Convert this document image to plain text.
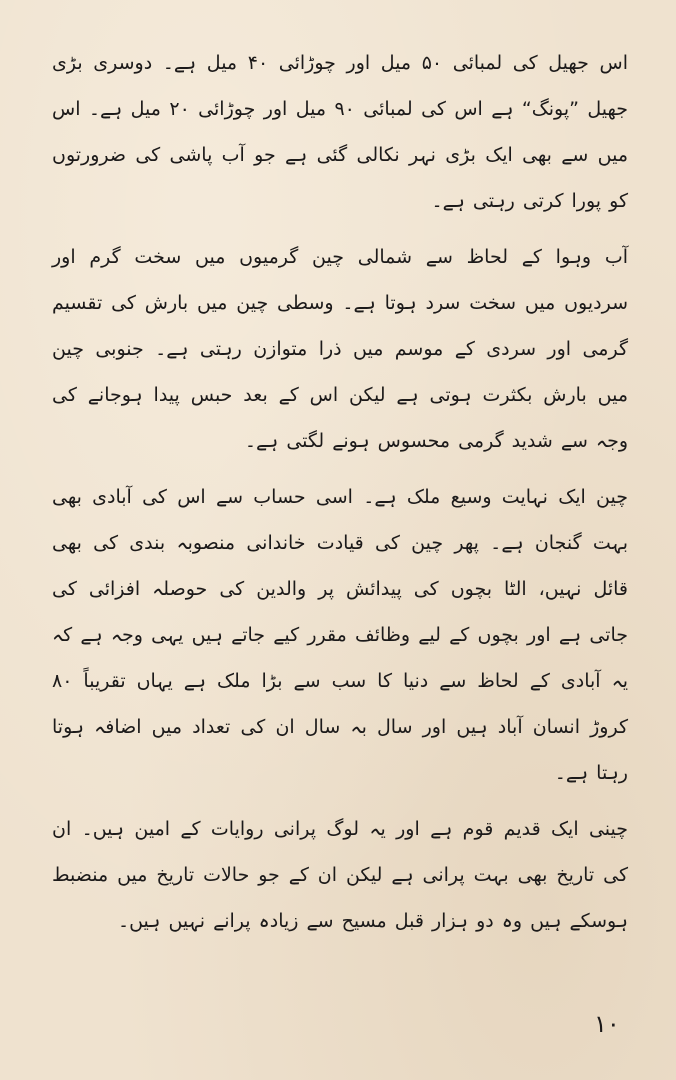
اس جھیل کی لمبائی ۵۰ میل اور چوڑائی ۴۰ میل ہے۔ دوسری بڑی جھیل ”پونگ“ ہے اس کی لمبائی ۹۰ میل اور چوڑائی ۲۰ میل ہے۔ اس میں سے بھی ایک بڑی نہر نکالی گئی ہے جو آب پاشی کی ضرورتوں کو پورا کرتی رہتی ہے۔

آب وہوا کے لحاظ سے شمالی چین گرمیوں میں سخت گرم اور سردیوں میں سخت سرد ہوتا ہے۔ وسطی چین میں بارش کی تقسیم گرمی اور سردی کے موسم میں ذرا متوازن رہتی ہے۔ جنوبی چین میں بارش بکثرت ہوتی ہے لیکن اس کے بعد حبس پیدا ہوجانے کی وجہ سے شدید گرمی محسوس ہونے لگتی ہے۔

چین ایک نہایت وسیع ملک ہے۔ اسی حساب سے اس کی آبادی بھی بہت گنجان ہے۔ پھر چین کی قیادت خاندانی منصوبہ بندی کی بھی قائل نہیں، الٹا بچوں کی پیدائش پر والدین کی حوصلہ افزائی کی جاتی ہے اور بچوں کے لیے وظائف مقرر کیے جاتے ہیں یہی وجہ ہے کہ یہ آبادی کے لحاظ سے دنیا کا سب سے بڑا ملک ہے یہاں تقریباً ۸۰ کروڑ انسان آباد ہیں اور سال بہ سال ان کی تعداد میں اضافہ ہوتا رہتا ہے۔

چینی ایک قدیم قوم ہے اور یہ لوگ پرانی روایات کے امین ہیں۔ ان کی تاریخ بھی بہت پرانی ہے لیکن ان کے جو حالات تاریخ میں منضبط ہوسکے ہیں وہ دو ہزار قبل مسیح سے زیادہ پرانے نہیں ہیں۔

۱۰
